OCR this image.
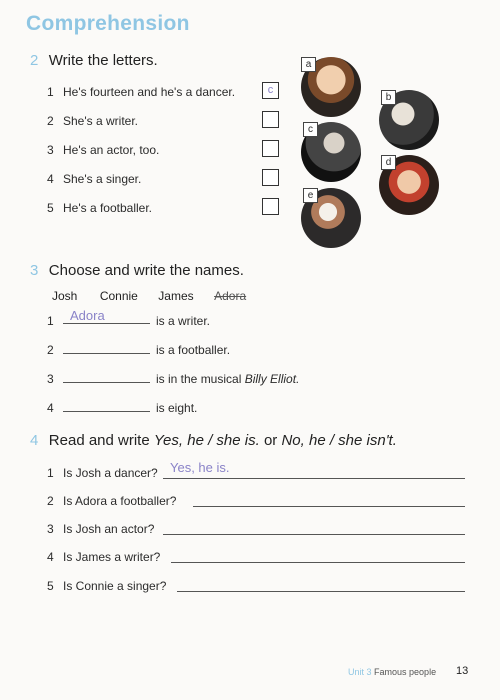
Comprehension
2 Write the letters.
1 He's fourteen and he's a dancer.	c
2 She's a writer.
3 He's an actor, too.
4 She's a singer.
5 He's a footballer.
a
b
c
d
e
3 Choose and write the names.
Josh Connie James Adora
1 Adora	is a writer.
2	is a footballer.
3	is in the musical Billy Elliot.
4	is eight.
4 Read and write Yes, he / she is. or No, he / she isn't.
1 Is Josh a dancer? Yes, he is.
2 Is Adora a footballer?
3 Is Josh an actor?
4 Is James a writer?
5 Is Connie a singer?
Unit 3 Famous people 13
